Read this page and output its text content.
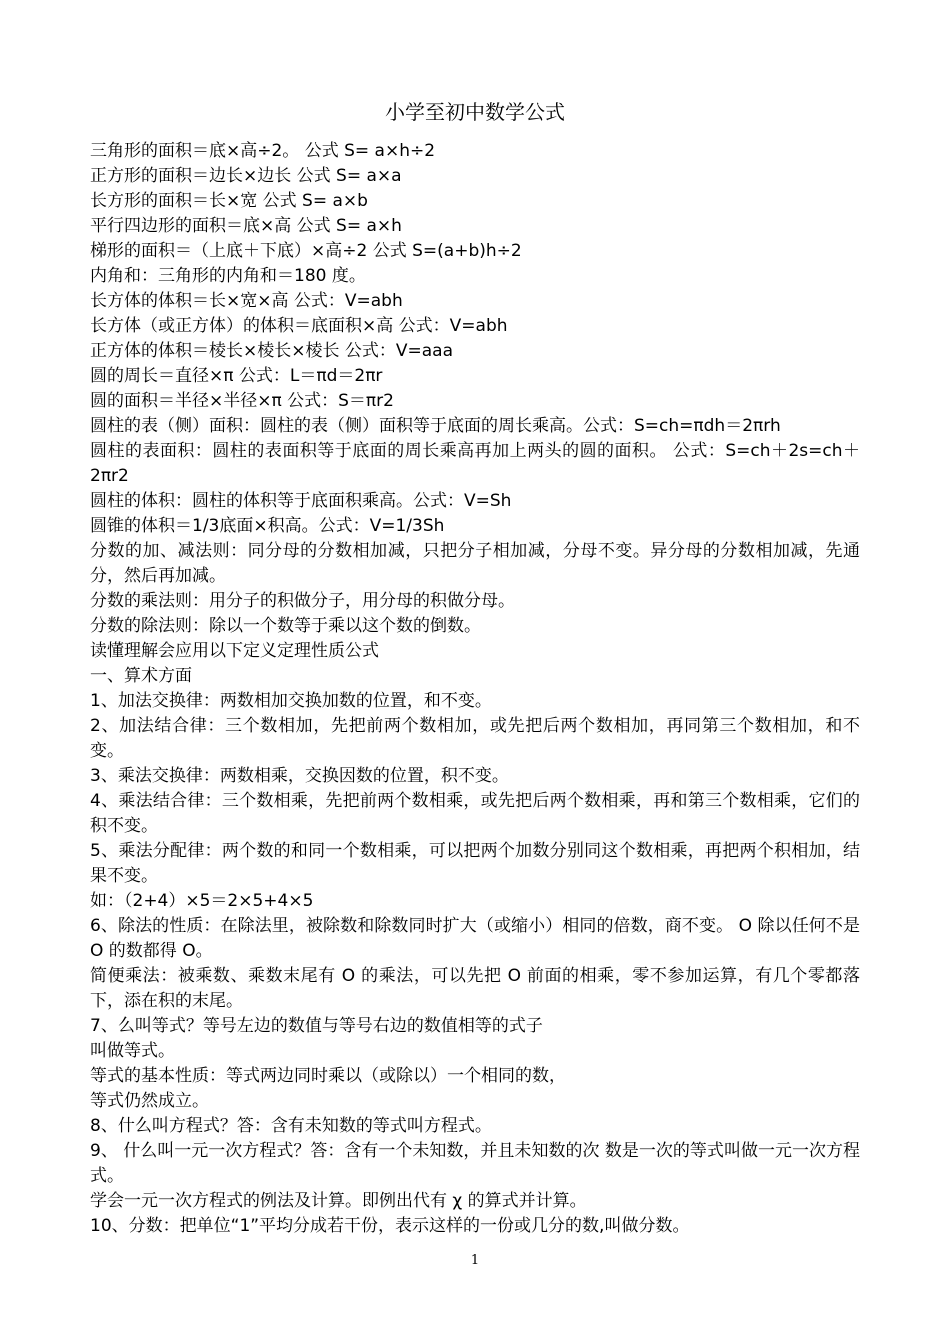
小学至初中数学公式
三角形的面积＝底×高÷2。 公式 S= a×h÷2
正方形的面积＝边长×边长 公式 S= a×a
长方形的面积＝长×宽 公式 S= a×b
平行四边形的面积＝底×高 公式 S= a×h
梯形的面积＝（上底＋下底）×高÷2 公式 S=(a+b)h÷2
内角和：三角形的内角和＝180 度。
长方体的体积＝长×宽×高 公式：V=abh
长方体（或正方体）的体积＝底面积×高 公式：V=abh
正方体的体积＝棱长×棱长×棱长 公式：V=aaa
圆的周长＝直径×π 公式：L＝πd＝2πr
圆的面积＝半径×半径×π 公式：S＝πr2
圆柱的表（侧）面积：圆柱的表（侧）面积等于底面的周长乘高。公式：S=ch=πdh＝2πrh
圆柱的表面积：圆柱的表面积等于底面的周长乘高再加上两头的圆的面积。 公式：S=ch＋2s=ch＋2πr2
圆柱的体积：圆柱的体积等于底面积乘高。公式：V=Sh
圆锥的体积＝1/3底面×积高。公式：V=1/3Sh
分数的加、减法则：同分母的分数相加减，只把分子相加减，分母不变。异分母的分数相加减，先通分，然后再加减。
分数的乘法则：用分子的积做分子，用分母的积做分母。
分数的除法则：除以一个数等于乘以这个数的倒数。
读懂理解会应用以下定义定理性质公式
一、算术方面
1、加法交换律：两数相加交换加数的位置，和不变。
2、加法结合律：三个数相加，先把前两个数相加，或先把后两个数相加，再同第三个数相加，和不变。
3、乘法交换律：两数相乘，交换因数的位置，积不变。
4、乘法结合律：三个数相乘，先把前两个数相乘，或先把后两个数相乘，再和第三个数相乘，它们的积不变。
5、乘法分配律：两个数的和同一个数相乘，可以把两个加数分别同这个数相乘，再把两个积相加，结果不变。
如：（2+4）×5＝2×5+4×5
6、除法的性质：在除法里，被除数和除数同时扩大（或缩小）相同的倍数，商不变。 O 除以任何不是 O 的数都得 O。
简便乘法：被乘数、乘数末尾有 O 的乘法，可以先把 O 前面的相乘，零不参加运算，有几个零都落下，添在积的末尾。
7、么叫等式？等号左边的数值与等号右边的数值相等的式子
叫做等式。
等式的基本性质：等式两边同时乘以（或除以）一个相同的数，
等式仍然成立。
8、什么叫方程式？答：含有未知数的等式叫方程式。
9、 什么叫一元一次方程式？答：含有一个未知数，并且未知数的次 数是一次的等式叫做一元一次方程式。
学会一元一次方程式的例法及计算。即例出代有 χ 的算式并计算。
10、分数：把单位“1”平均分成若干份，表示这样的一份或几分的数,叫做分数。
1
